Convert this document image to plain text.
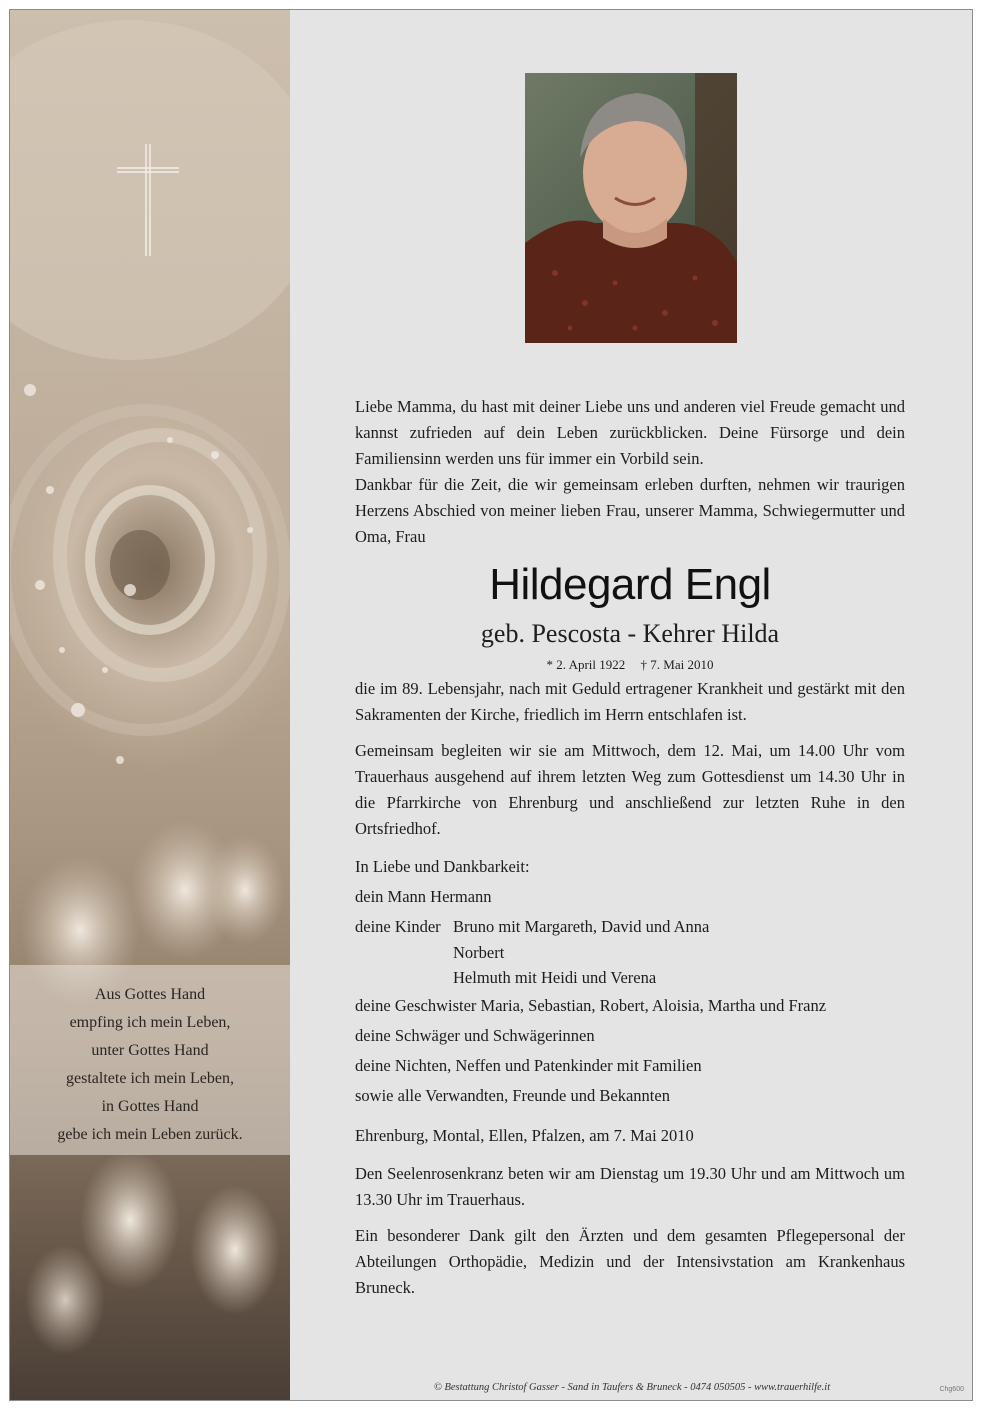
Aus Gottes Hand
empfing ich mein Leben,
unter Gottes Hand
gestaltete ich mein Leben,
in Gottes Hand
gebe ich mein Leben zurück.
Liebe Mamma, du hast mit deiner Liebe uns und anderen viel Freude gemacht und kannst zufrieden auf dein Leben zurückblicken. Deine Fürsorge und dein Familiensinn werden uns für immer ein Vorbild sein.
Dankbar für die Zeit, die wir gemeinsam erleben durften, nehmen wir traurigen Herzens Abschied von meiner lieben Frau, unserer Mamma, Schwiegermutter und Oma, Frau
Hildegard Engl
geb. Pescosta - Kehrer Hilda
* 2. April 1922 † 7. Mai 2010
die im 89. Lebensjahr, nach mit Geduld ertragener Krankheit und gestärkt mit den Sakramenten der Kirche, friedlich im Herrn entschlafen ist.
Gemeinsam begleiten wir sie am Mittwoch, dem 12. Mai, um 14.00 Uhr vom Trauerhaus ausgehend auf ihrem letzten Weg zum Gottesdienst um 14.30 Uhr in die Pfarrkirche von Ehrenburg und anschließend zur letzten Ruhe in den Ortsfriedhof.
In Liebe und Dankbarkeit:
dein Mann Hermann
deine Kinder Bruno mit Margareth, David und Anna
Norbert
Helmuth mit Heidi und Verena
deine Geschwister Maria, Sebastian, Robert, Aloisia, Martha und Franz
deine Schwäger und Schwägerinnen
deine Nichten, Neffen und Patenkinder mit Familien
sowie alle Verwandten, Freunde und Bekannten
Ehrenburg, Montal, Ellen, Pfalzen, am 7. Mai 2010
Den Seelenrosenkranz beten wir am Dienstag um 19.30 Uhr und am Mittwoch um 13.30 Uhr im Trauerhaus.
Ein besonderer Dank gilt den Ärzten und dem gesamten Pflegepersonal der Abteilungen Orthopädie, Medizin und der Intensivstation am Krankenhaus Bruneck.
© Bestattung Christof Gasser - Sand in Taufers & Bruneck - 0474 050505 - www.trauerhilfe.it	Chg600
